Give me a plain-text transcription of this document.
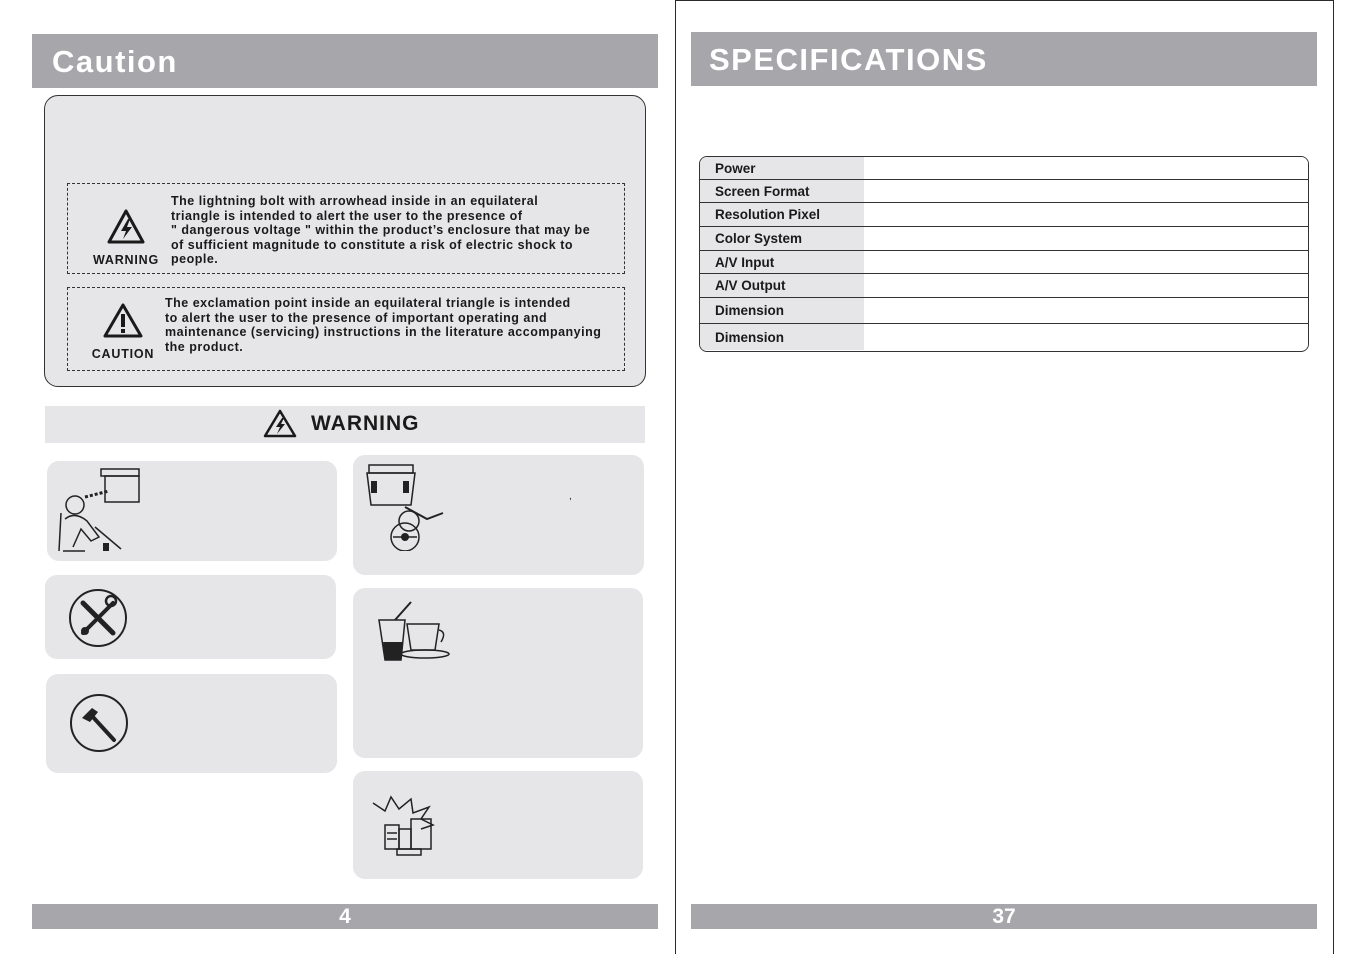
Caution
WARNING
The lightning bolt with arrowhead inside in an equilateral
triangle is intended to alert the user to the presence of
" dangerous voltage " within the product’s enclosure that may be
of sufficient magnitude to constitute a risk of electric shock to
people.
CAUTION
The exclamation point inside an equilateral triangle is intended
to alert the user to the presence of important operating and
maintenance (servicing) instructions in the literature accompanying
the product.
WARNING
,
4
SPECIFICATIONS
Power
Screen Format
Resolution Pixel
Color System
A/V Input
A/V Output
Dimension
Dimension
37
